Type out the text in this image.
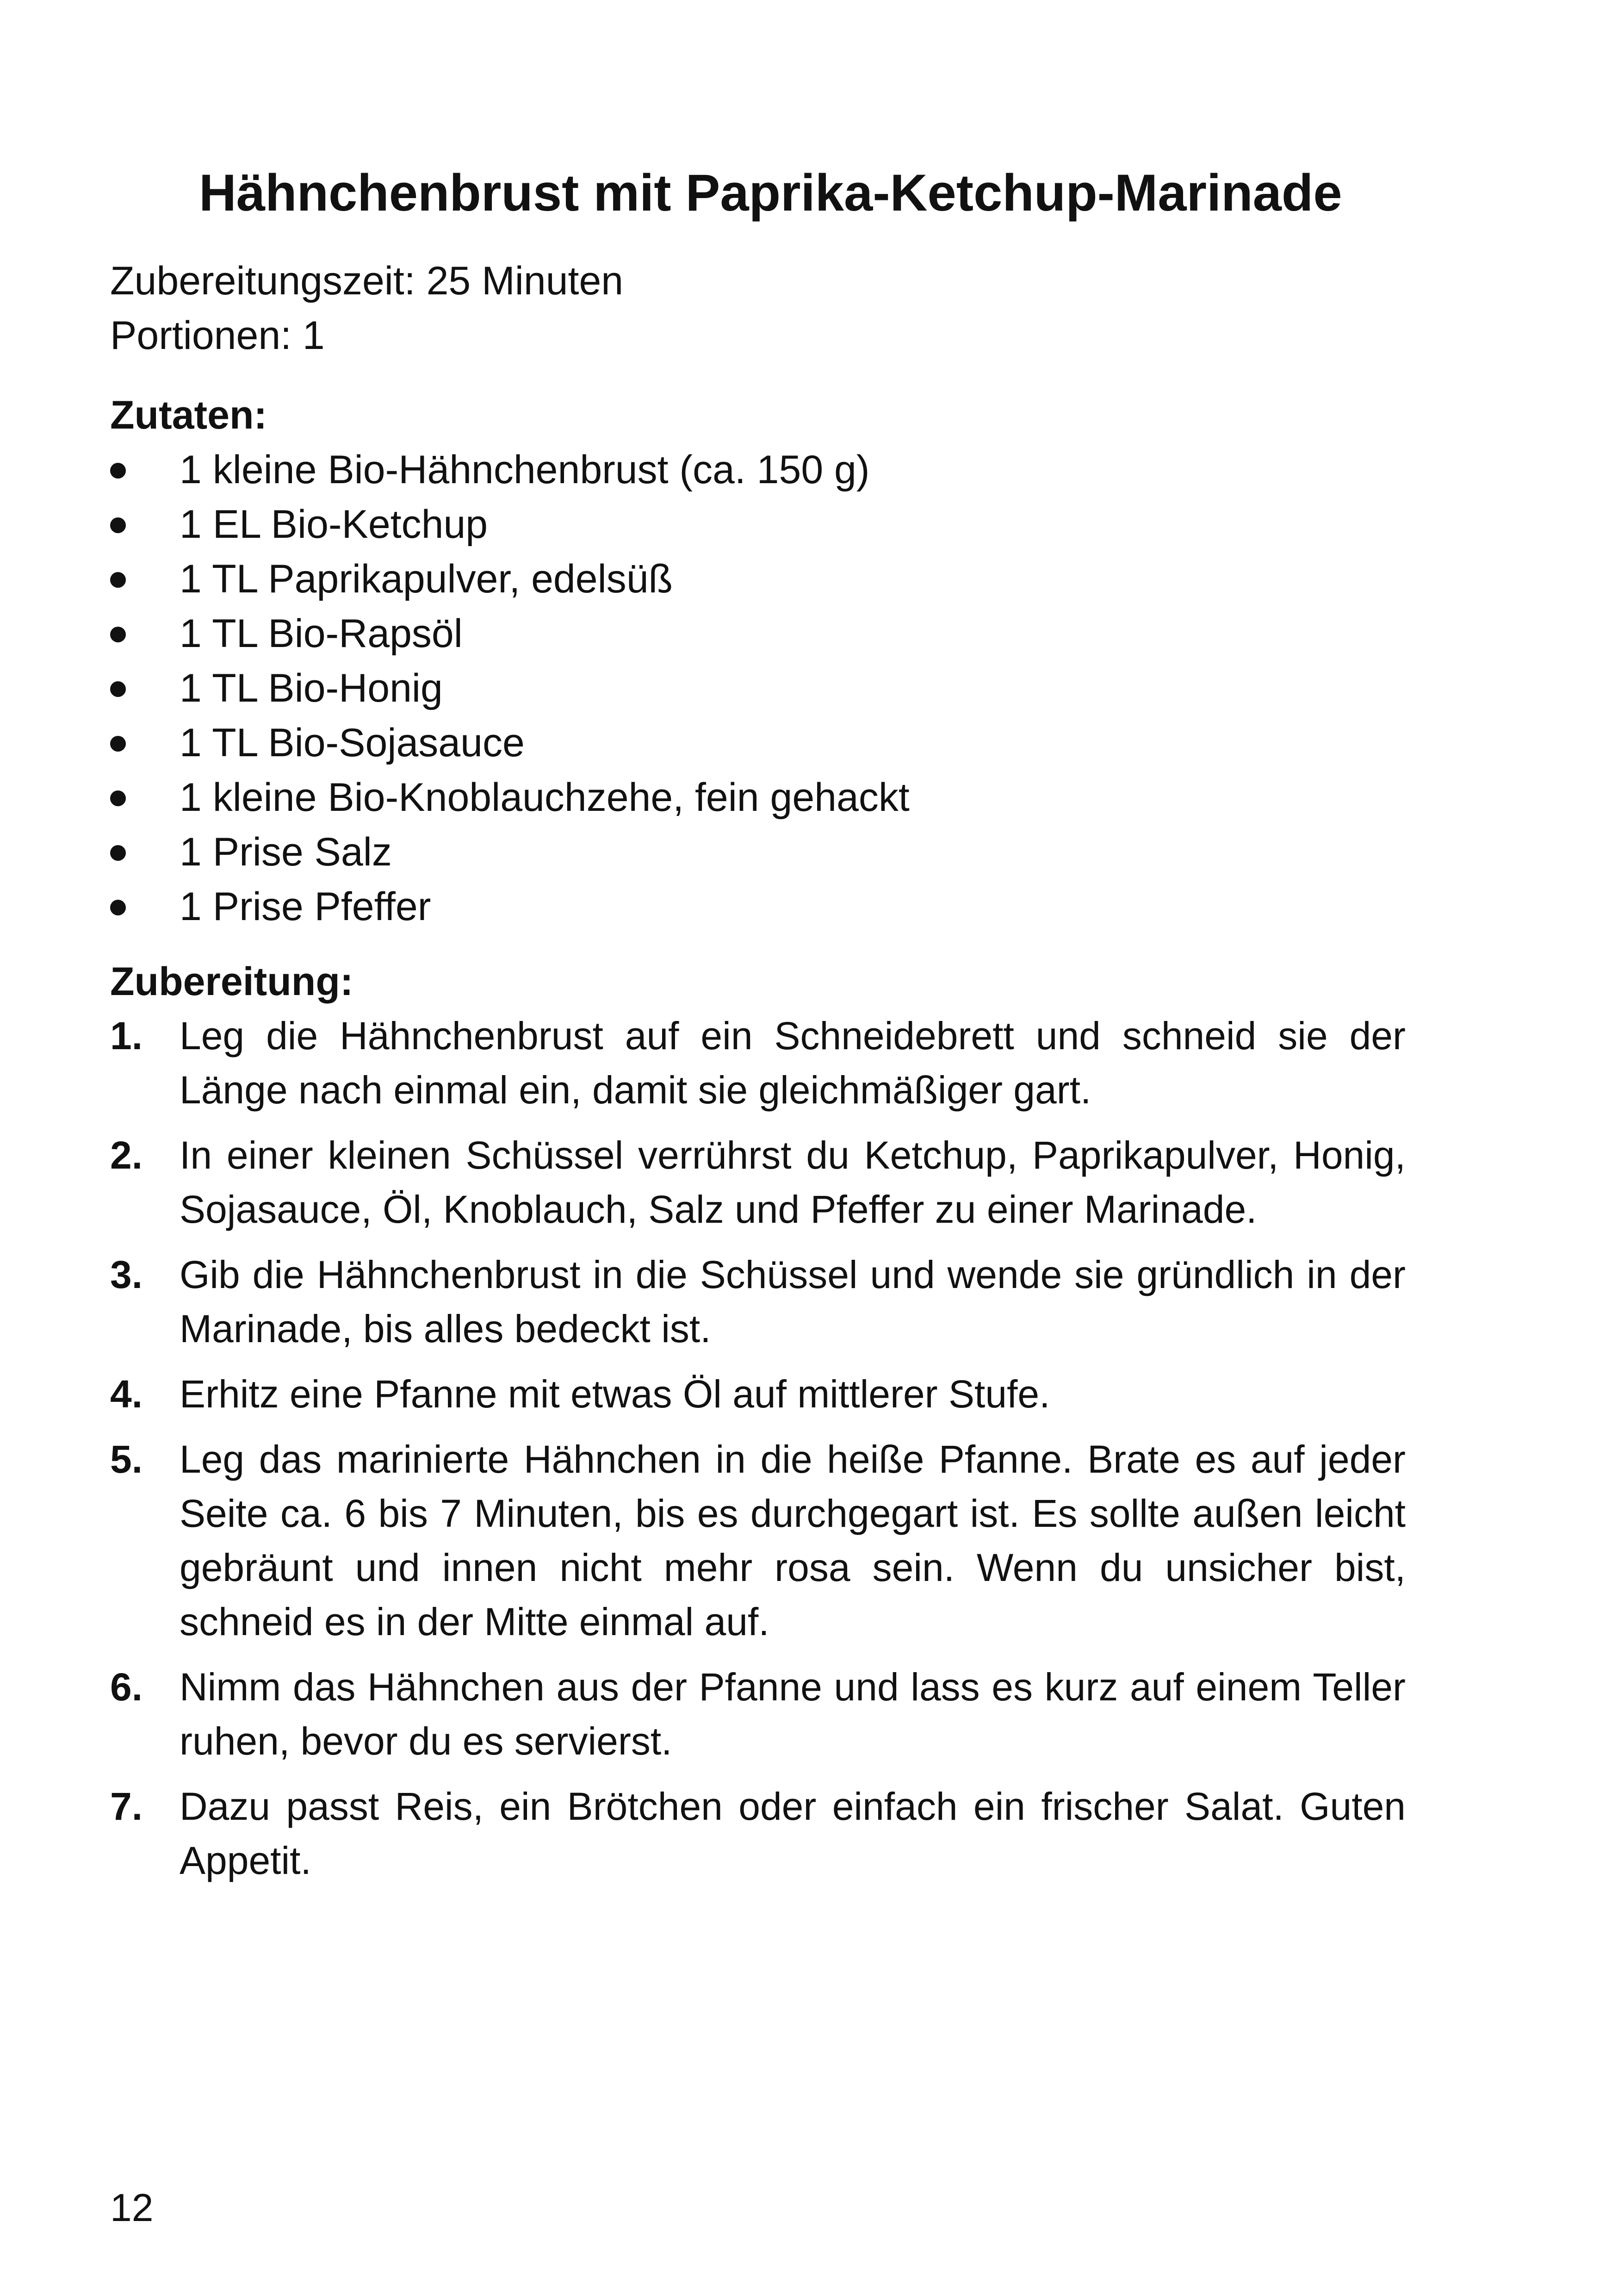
Hähnchenbrust mit Paprika-Ketchup-Marinade
Zubereitungszeit: 25 Minuten
Portionen: 1
Zutaten:
1 kleine Bio-Hähnchenbrust (ca. 150 g)
1 EL Bio-Ketchup
1 TL Paprikapulver, edelsüß
1 TL Bio-Rapsöl
1 TL Bio-Honig
1 TL Bio-Sojasauce
1 kleine Bio-Knoblauchzehe, fein gehackt
1 Prise Salz
1 Prise Pfeffer
Zubereitung:
1. Leg die Hähnchenbrust auf ein Schneidebrett und schneid sie der Länge nach einmal ein, damit sie gleichmäßiger gart.
2. In einer kleinen Schüssel verrührst du Ketchup, Paprikapulver, Honig, Sojasauce, Öl, Knoblauch, Salz und Pfeffer zu einer Marinade.
3. Gib die Hähnchenbrust in die Schüssel und wende sie gründlich in der Marinade, bis alles bedeckt ist.
4. Erhitz eine Pfanne mit etwas Öl auf mittlerer Stufe.
5. Leg das marinierte Hähnchen in die heiße Pfanne. Brate es auf jeder Seite ca. 6 bis 7 Minuten, bis es durchgegart ist. Es sollte außen leicht gebräunt und innen nicht mehr rosa sein. Wenn du unsicher bist, schneid es in der Mitte einmal auf.
6. Nimm das Hähnchen aus der Pfanne und lass es kurz auf einem Teller ruhen, bevor du es servierst.
7. Dazu passt Reis, ein Brötchen oder einfach ein frischer Salat. Guten Appetit.
12
